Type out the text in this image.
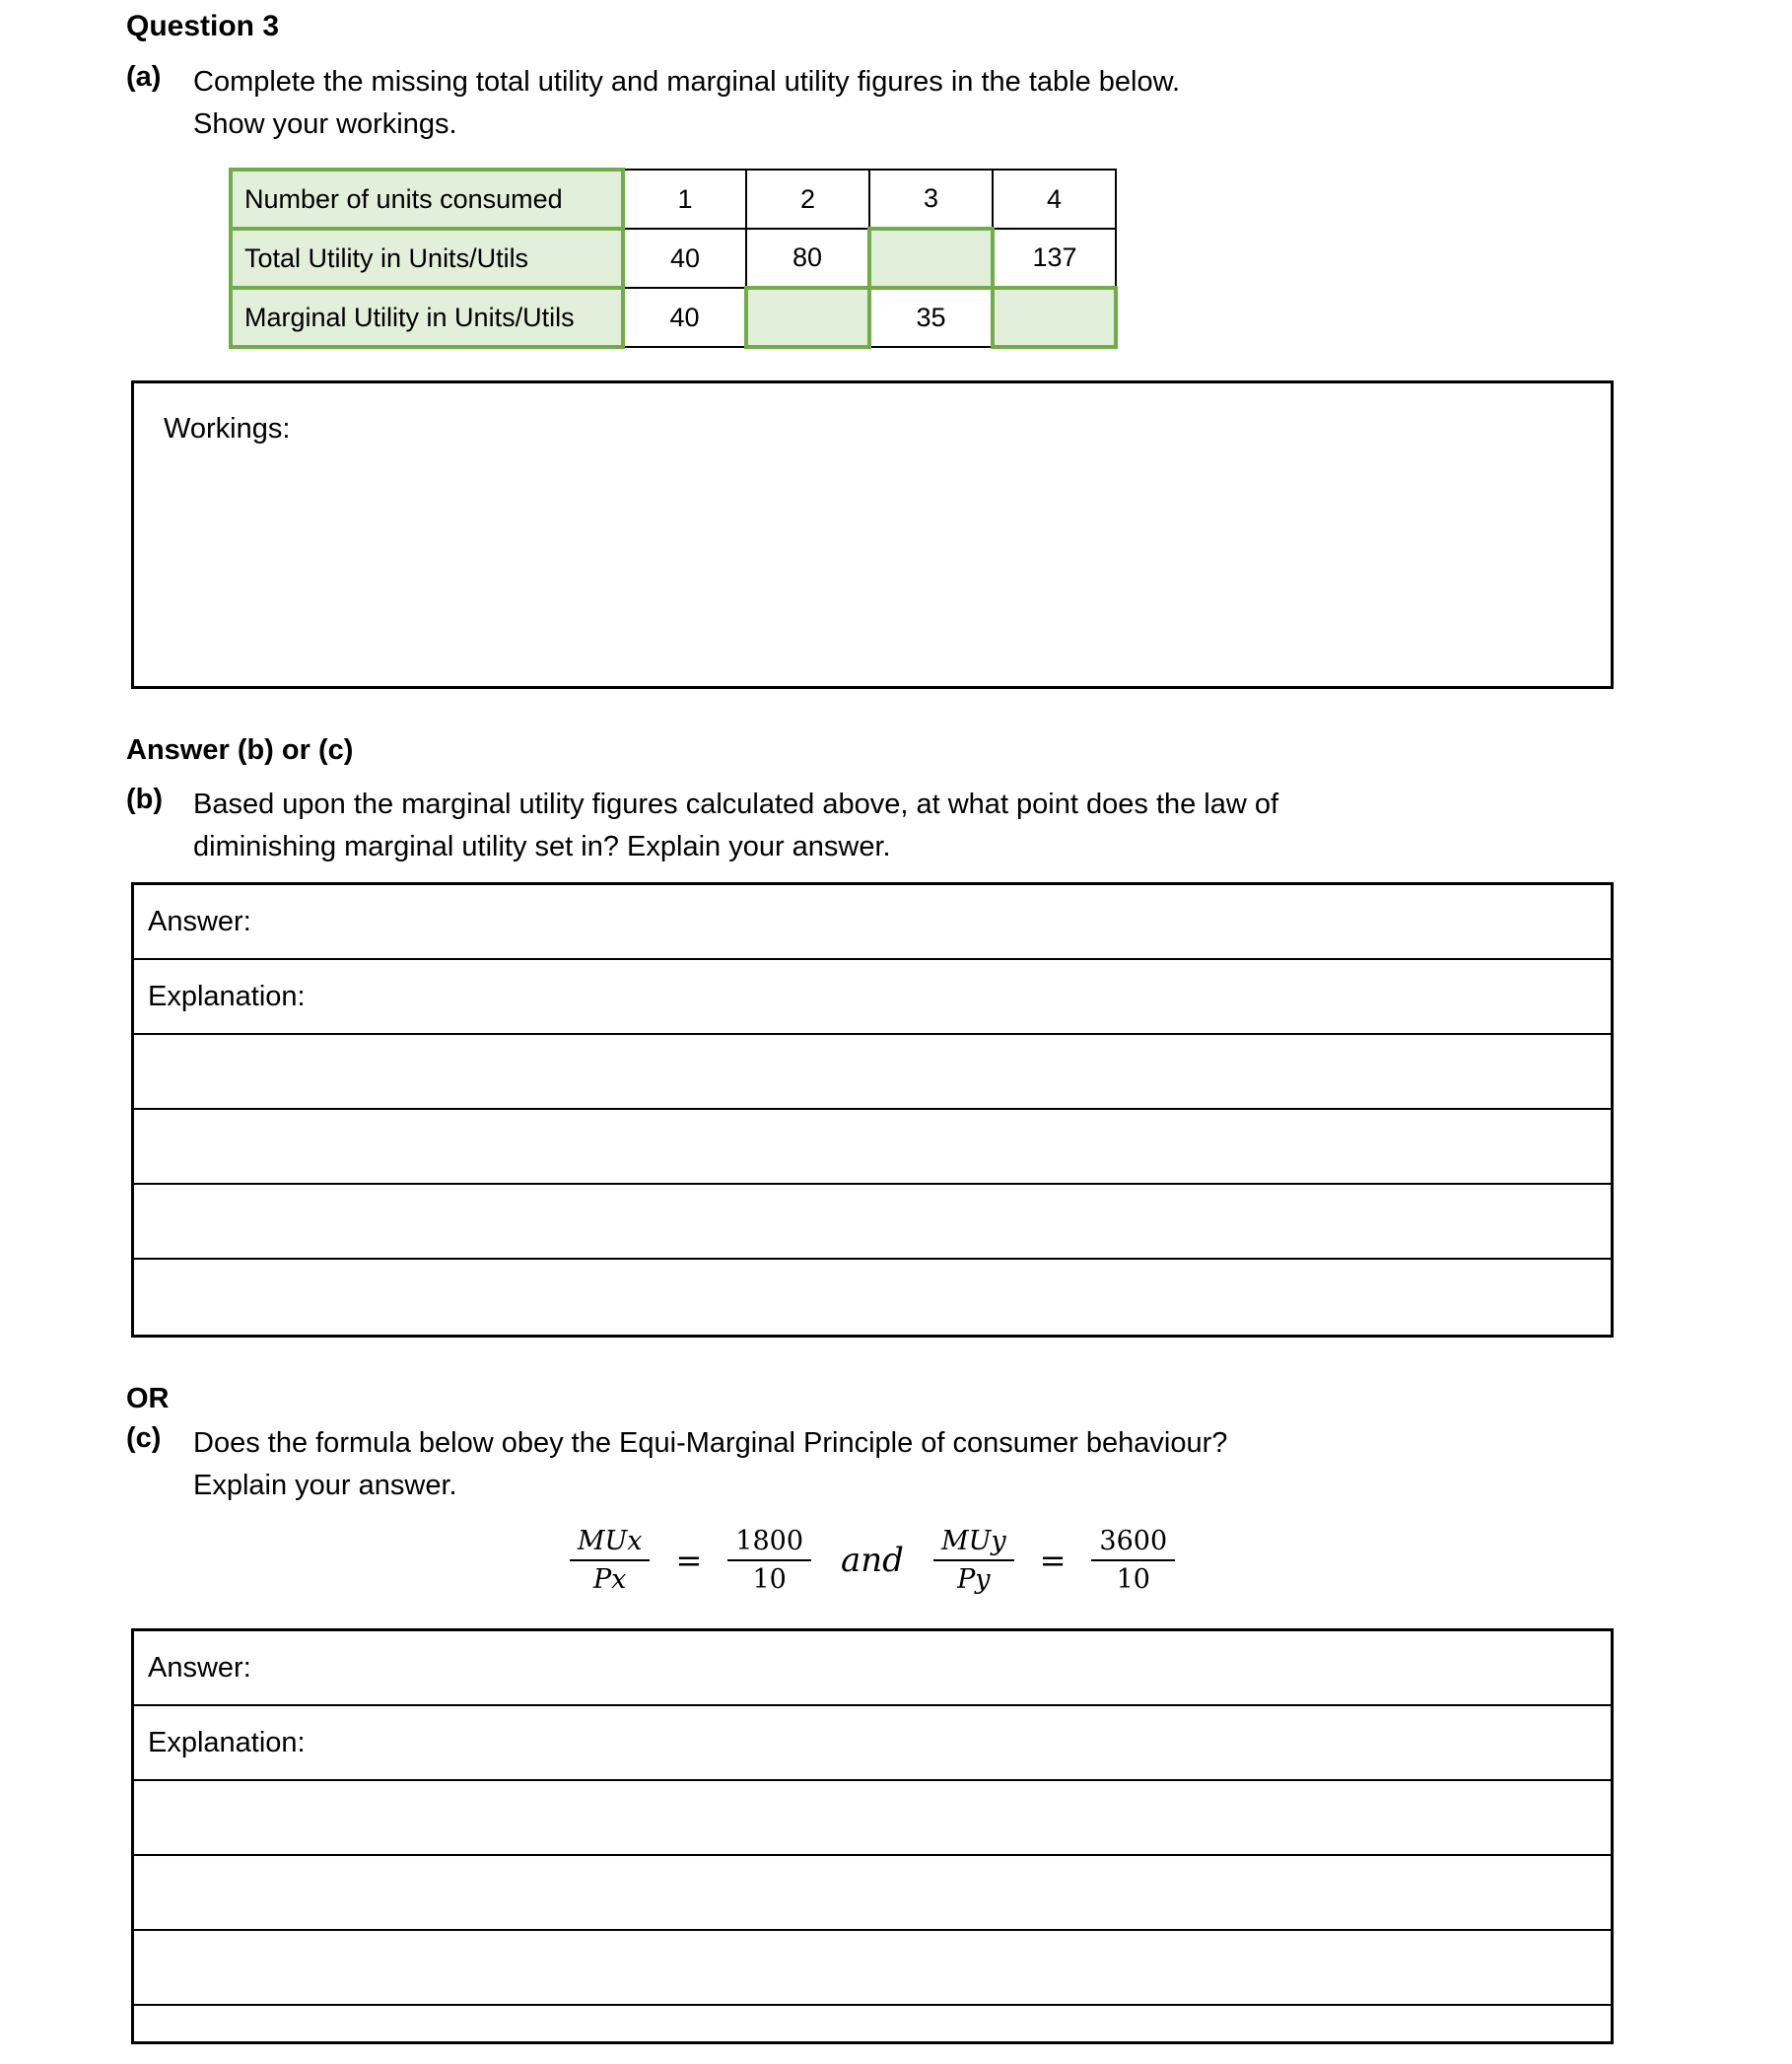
Question 3
(a) Complete the missing total utility and marginal utility figures in the table below.
Show your workings.
Number of units consumed	1	2	3	4
Total Utility in Units/Utils	40	80		137
Marginal Utility in Units/Utils	40		35	
Workings:
Answer (b) or (c)
(b) Based upon the marginal utility figures calculated above, at what point does the law of
diminishing marginal utility set in? Explain your answer.
Answer:
Explanation:
OR
(c) Does the formula below obey the Equi-Marginal Principle of consumer behaviour?
Explain your answer.
$\frac{\text{MUx}}{Px} = \frac{1800}{10}$ and $\frac{\text{MUy}}{Py} = \frac{3600}{10}$
Answer:
Explanation:
